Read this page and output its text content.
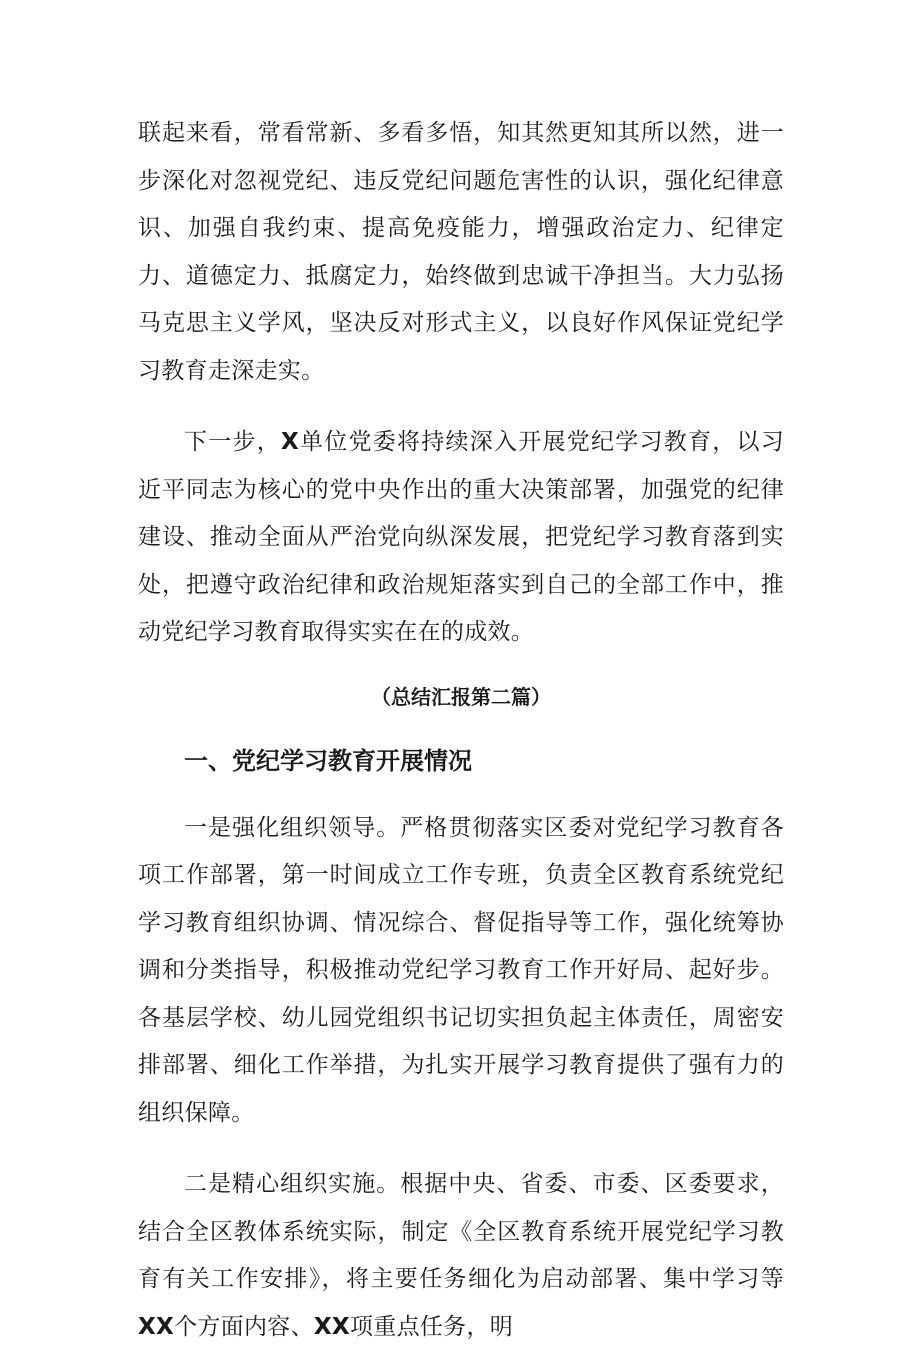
联起来看，常看常新、多看多悟，知其然更知其所以然，进一步深化对忽视党纪、违反党纪问题危害性的认识，强化纪律意识、加强自我约束、提高免疫能力，增强政治定力、纪律定力、道德定力、抵腐定力，始终做到忠诚干净担当。大力弘扬马克思主义学风，坚决反对形式主义，以良好作风保证党纪学习教育走深走实。

下一步，X单位党委将持续深入开展党纪学习教育，以习近平同志为核心的党中央作出的重大决策部署，加强党的纪律建设、推动全面从严治党向纵深发展，把党纪学习教育落到实处，把遵守政治纪律和政治规矩落实到自己的全部工作中，推动党纪学习教育取得实实在在的成效。

（总结汇报第二篇）

一、党纪学习教育开展情况

一是强化组织领导。严格贯彻落实区委对党纪学习教育各项工作部署，第一时间成立工作专班，负责全区教育系统党纪学习教育组织协调、情况综合、督促指导等工作，强化统筹协调和分类指导，积极推动党纪学习教育工作开好局、起好步。各基层学校、幼儿园党组织书记切实担负起主体责任，周密安排部署、细化工作举措，为扎实开展学习教育提供了强有力的组织保障。

二是精心组织实施。根据中央、省委、市委、区委要求，结合全区教体系统实际，制定《全区教育系统开展党纪学习教育有关工作安排》，将主要任务细化为启动部署、集中学习等XX个方面内容、XX项重点任务，明
